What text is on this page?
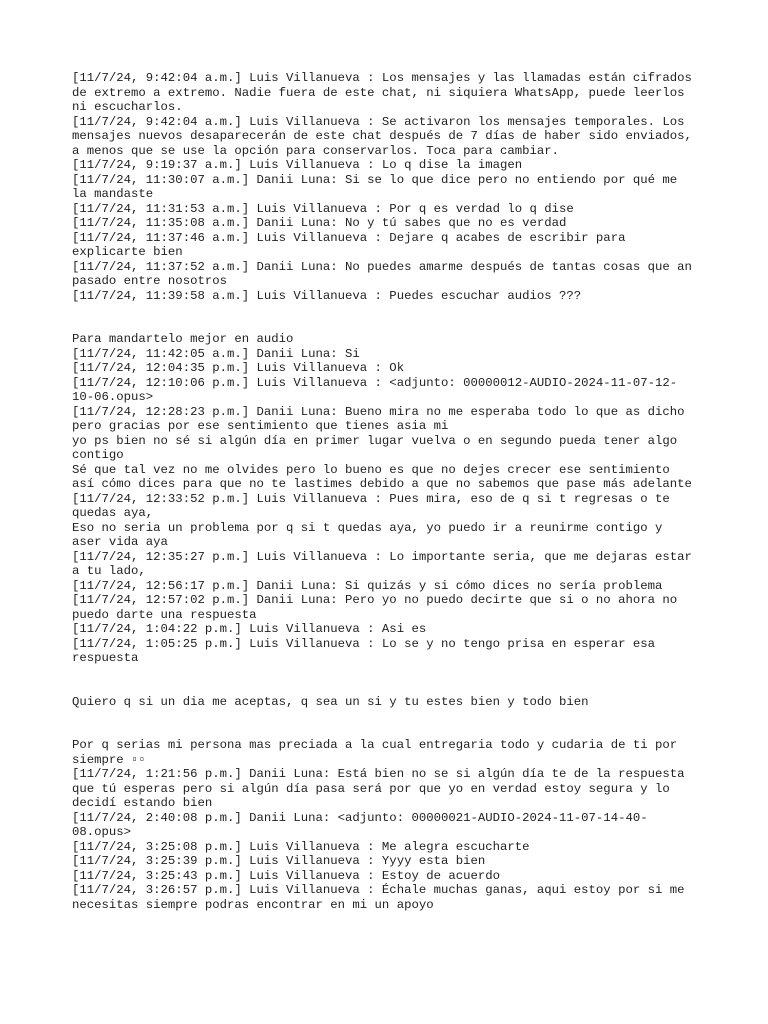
[11/7/24, 9:42:04 a.m.] Luis Villanueva : Los mensajes y las llamadas están cifrados de extremo a extremo. Nadie fuera de este chat, ni siquiera WhatsApp, puede leerlos ni escucharlos.

[11/7/24, 9:42:04 a.m.] Luis Villanueva : Se activaron los mensajes temporales. Los mensajes nuevos desaparecerán de este chat después de 7 días de haber sido enviados, a menos que se use la opción para conservarlos. Toca para cambiar.

[11/7/24, 9:19:37 a.m.] Luis Villanueva : Lo q dise la imagen

[11/7/24, 11:30:07 a.m.] Danii Luna: Si se lo que dice pero no entiendo por qué me la mandaste

[11/7/24, 11:31:53 a.m.] Luis Villanueva : Por q es verdad lo q dise

[11/7/24, 11:35:08 a.m.] Danii Luna: No y tú sabes que no es verdad

[11/7/24, 11:37:46 a.m.] Luis Villanueva : Dejare q acabes de escribir para explicarte bien

[11/7/24, 11:37:52 a.m.] Danii Luna: No puedes amarme después de tantas cosas que an pasado entre nosotros

[11/7/24, 11:39:58 a.m.] Luis Villanueva : Puedes escuchar audios ???

Para mandartelo mejor en audio

[11/7/24, 11:42:05 a.m.] Danii Luna: Si

[11/7/24, 12:04:35 p.m.] Luis Villanueva : Ok

[11/7/24, 12:10:06 p.m.] Luis Villanueva : <adjunto: 00000012-AUDIO-2024-11-07-12-10-06.opus>

[11/7/24, 12:28:23 p.m.] Danii Luna: Bueno mira no me esperaba todo lo que as dicho pero gracias por ese sentimiento que tienes asia mi

yo ps bien no sé si algún día en primer lugar vuelva o en segundo pueda tener algo contigo

Sé que tal vez no me olvides pero lo bueno es que no dejes crecer ese sentimiento así cómo dices para que no te lastimes debido a que no sabemos que pase más adelante

[11/7/24, 12:33:52 p.m.] Luis Villanueva : Pues mira, eso de q si t regresas o te quedas aya,

Eso no seria un problema por q si t quedas aya, yo puedo ir a reunirme contigo y aser vida aya

[11/7/24, 12:35:27 p.m.] Luis Villanueva : Lo importante seria, que me dejaras estar a tu lado,

[11/7/24, 12:56:17 p.m.] Danii Luna: Si quizás y si cómo dices no sería problema

[11/7/24, 12:57:02 p.m.] Danii Luna: Pero yo no puedo decirte que si o no ahora no puedo darte una respuesta

[11/7/24, 1:04:22 p.m.] Luis Villanueva : Asi es

[11/7/24, 1:05:25 p.m.] Luis Villanueva : Lo se y no tengo prisa en esperar esa respuesta

Quiero q si un dia me aceptas, q sea un si y tu estes bien y todo bien

Por q serias mi persona mas preciada a la cual entregaria todo y cudaria de ti por siempre ▫▫

[11/7/24, 1:21:56 p.m.] Danii Luna: Está bien no se si algún día te de la respuesta que tú esperas pero si algún día pasa será por que yo en verdad estoy segura y lo decidí estando bien

[11/7/24, 2:40:08 p.m.] Danii Luna: <adjunto: 00000021-AUDIO-2024-11-07-14-40-08.opus>

[11/7/24, 3:25:08 p.m.] Luis Villanueva : Me alegra escucharte

[11/7/24, 3:25:39 p.m.] Luis Villanueva : Yyyy esta bien

[11/7/24, 3:25:43 p.m.] Luis Villanueva : Estoy de acuerdo

[11/7/24, 3:26:57 p.m.] Luis Villanueva : Échale muchas ganas, aqui estoy por si me necesitas siempre podras encontrar en mi un apoyo
